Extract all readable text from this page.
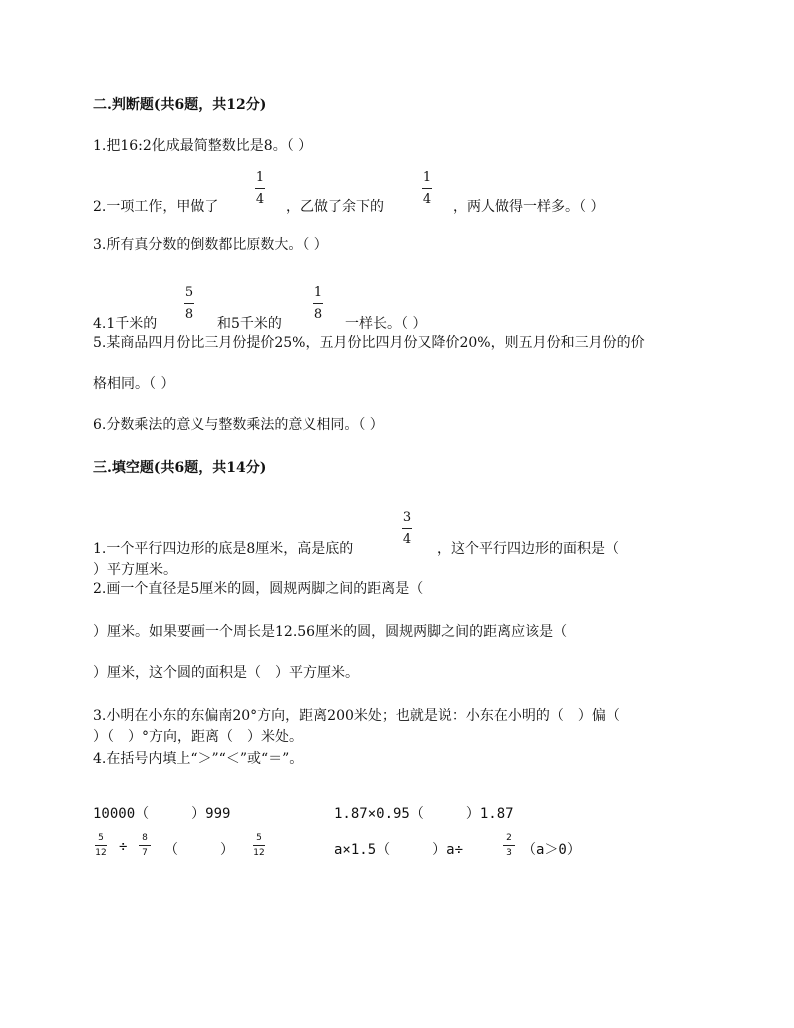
二.判断题(共6题，共12分)
1.把16:2化成最简整数比是8。（ ）
2.一项工作，甲做了
1
4 ，乙做了余下的
1
4 ，两人做得一样多。（ ）
3.所有真分数的倒数都比原数大。（ ）
4.1千米的
5
8
和5千米的
1
8
一样长。（ ）
5.某商品四月份比三月份提价25%，五月份比四月份又降价20%，则五月份和三月份的价
格相同。（ ）
6.分数乘法的意义与整数乘法的意义相同。（ ）
三.填空题(共6题，共14分)
1.一个平行四边形的底是8厘米，高是底的
3
4
，这个平行四边形的面积是（
）平方厘米。
2.画一个直径是5厘米的圆，圆规两脚之间的距离是（
）厘米。如果要画一个周长是12.56厘米的圆，圆规两脚之间的距离应该是（
）厘米，这个圆的面积是（　）平方厘米。
3.小明在小东的东偏南20°方向，距离200米处；也就是说：小东在小明的（　）偏（
）（　）°方向，距离（　）米处。
4.在括号内填上“＞”“＜”或“＝”。
10000（　　　）999	1.87×0.95（　　　）1.87
5
12 ÷
8
7 （　　　）
5
12	a×1.5（　　　）a÷
2
3 （a＞0）
